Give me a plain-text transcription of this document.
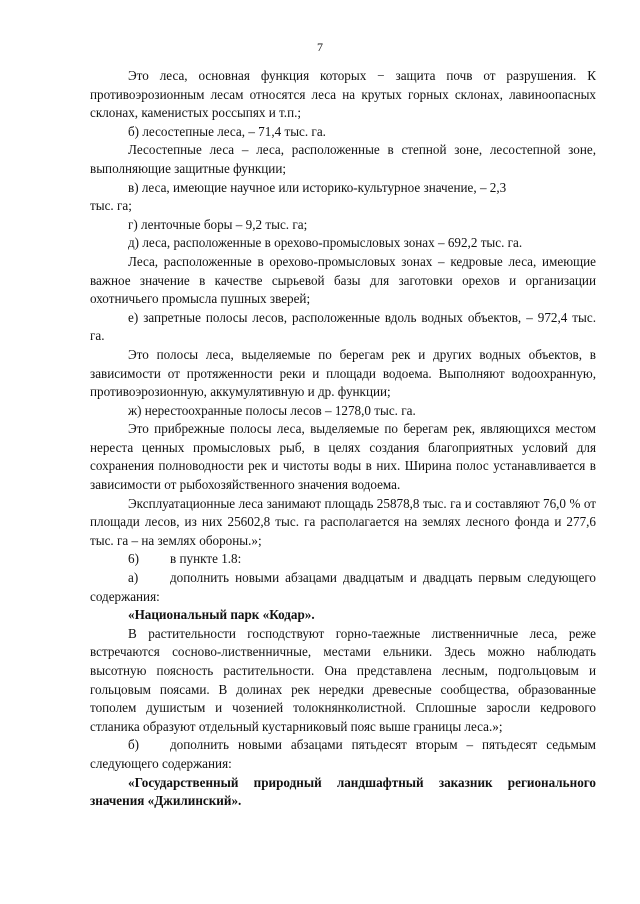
7

Это леса, основная функция которых − защита почв от разрушения. К противоэрозионным лесам относятся леса на крутых горных склонах, лавиноопасных склонах, каменистых россыпях и т.п.;

б) лесостепные леса, – 71,4 тыс. га.

Лесостепные леса – леса, расположенные в степной зоне, лесостепной зоне, выполняющие защитные функции;

в) леса, имеющие научное или историко-культурное значение, – 2,3

тыс. га;

г) ленточные боры – 9,2 тыс. га;

д) леса, расположенные в орехово-промысловых зонах – 692,2 тыс. га.

Леса, расположенные в орехово-промысловых зонах – кедровые леса, имеющие важное значение в качестве сырьевой базы для заготовки орехов и организации охотничьего промысла пушных зверей;

е) запретные полосы лесов, расположенные вдоль водных объектов, – 972,4 тыс. га.

Это полосы леса, выделяемые по берегам рек и других водных объектов, в зависимости от протяженности реки и площади водоема. Выполняют водоохранную, противоэрозионную, аккумулятивную и др. функции;

ж) нерестоохранные полосы лесов – 1278,0 тыс. га.

Это прибрежные полосы леса, выделяемые по берегам рек, являющихся местом нереста ценных промысловых рыб, в целях создания благоприятных условий для сохранения полноводности рек и чистоты воды в них. Ширина полос устанавливается в зависимости от рыбохозяйственного значения водоема.

Эксплуатационные леса занимают площадь 25878,8 тыс. га и составляют 76,0 % от площади лесов, из них 25602,8 тыс. га располагается на землях лесного фонда и 277,6 тыс. га – на землях обороны.»;

6) в пункте 1.8:

а) дополнить новыми абзацами двадцатым и двадцать первым следующего содержания:

«Национальный парк «Кодар».

В растительности господствуют горно-таежные лиственничные леса, реже встречаются сосново-лиственничные, местами ельники. Здесь можно наблюдать высотную поясность растительности. Она представлена лесным, подгольцовым и гольцовым поясами. В долинах рек нередки древесные сообщества, образованные тополем душистым и чозенией толокнянколистной. Сплошные заросли кедрового стланика образуют отдельный кустарниковый пояс выше границы леса.»;

б) дополнить новыми абзацами пятьдесят вторым – пятьдесят седьмым следующего содержания:

«Государственный природный ландшафтный заказник регионального значения «Джилинский».
